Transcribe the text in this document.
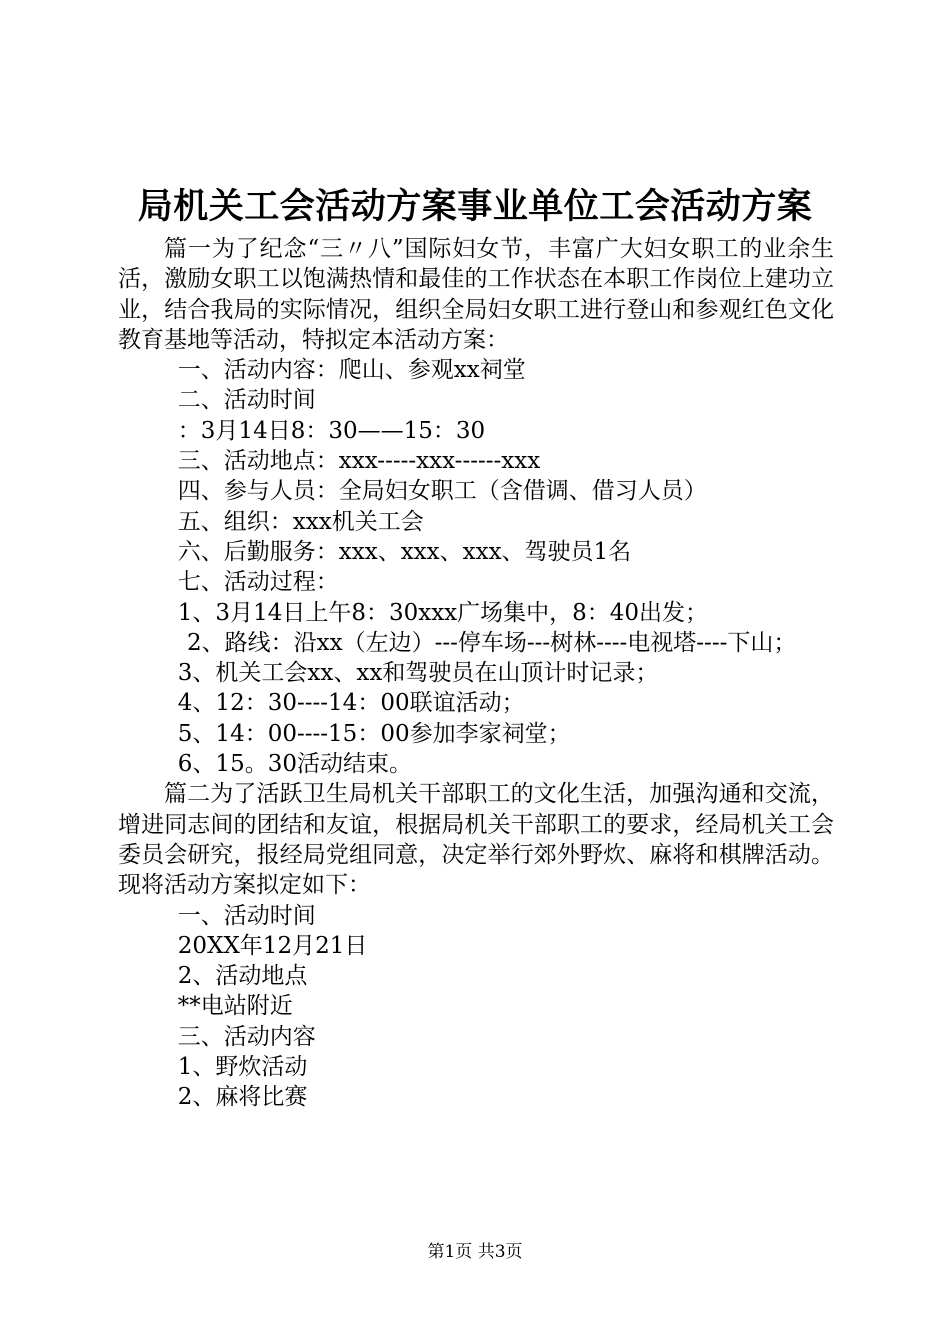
局机关工会活动方案事业单位工会活动方案

篇一为了纪念“三〃八”国际妇女节，丰富广大妇女职工的业余生活，激励女职工以饱满热情和最佳的工作状态在本职工作岗位上建功立业，结合我局的实际情况，组织全局妇女职工进行登山和参观红色文化教育基地等活动，特拟定本活动方案：

一、活动内容：爬山、参观xx祠堂

二、活动时间

：3月14日8：30——15：30

三、活动地点：xxx-----xxx------xxx

四、参与人员：全局妇女职工（含借调、借习人员）

五、组织：xxx机关工会

六、后勤服务：xxx、xxx、xxx、驾驶员1名

七、活动过程：

1、3月14日上午8：30xxx广场集中，8：40出发；

2、路线：沿xx（左边）---停车场---树林----电视塔----下山；

3、机关工会xx、xx和驾驶员在山顶计时记录；

4、12：30----14：00联谊活动；

5、14：00----15：00参加李家祠堂；

6、15。30活动结束。

篇二为了活跃卫生局机关干部职工的文化生活，加强沟通和交流，增进同志间的团结和友谊，根据局机关干部职工的要求，经局机关工会委员会研究，报经局党组同意，决定举行郊外野炊、麻将和棋牌活动。现将活动方案拟定如下：

一、活动时间

20XX年12月21日

2、活动地点

**电站附近

三、活动内容

1、野炊活动

2、麻将比赛

第1页 共3页
